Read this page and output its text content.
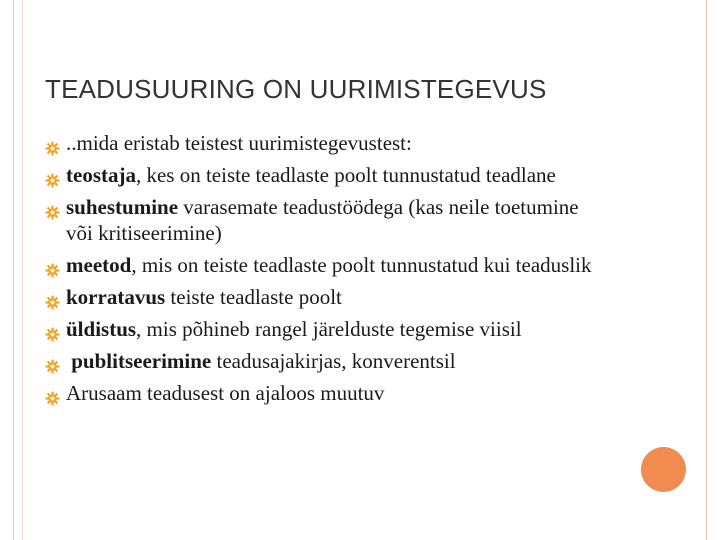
TEADUSUURING ON UURIMISTEGEVUS
..mida eristab teistest uurimistegevustest:
teostaja, kes on teiste teadlaste poolt tunnustatud teadlane
suhestumine varasemate teadustöödega (kas neile toetumine või kritiseerimine)
meetod, mis on teiste teadlaste poolt tunnustatud kui teaduslik
korratavus teiste teadlaste poolt
üldistus, mis põhineb rangel järelduste tegemise viisil
publitseerimine teadusajakirjas, konverentsil
Arusaam teadusest on ajaloos muutuv
